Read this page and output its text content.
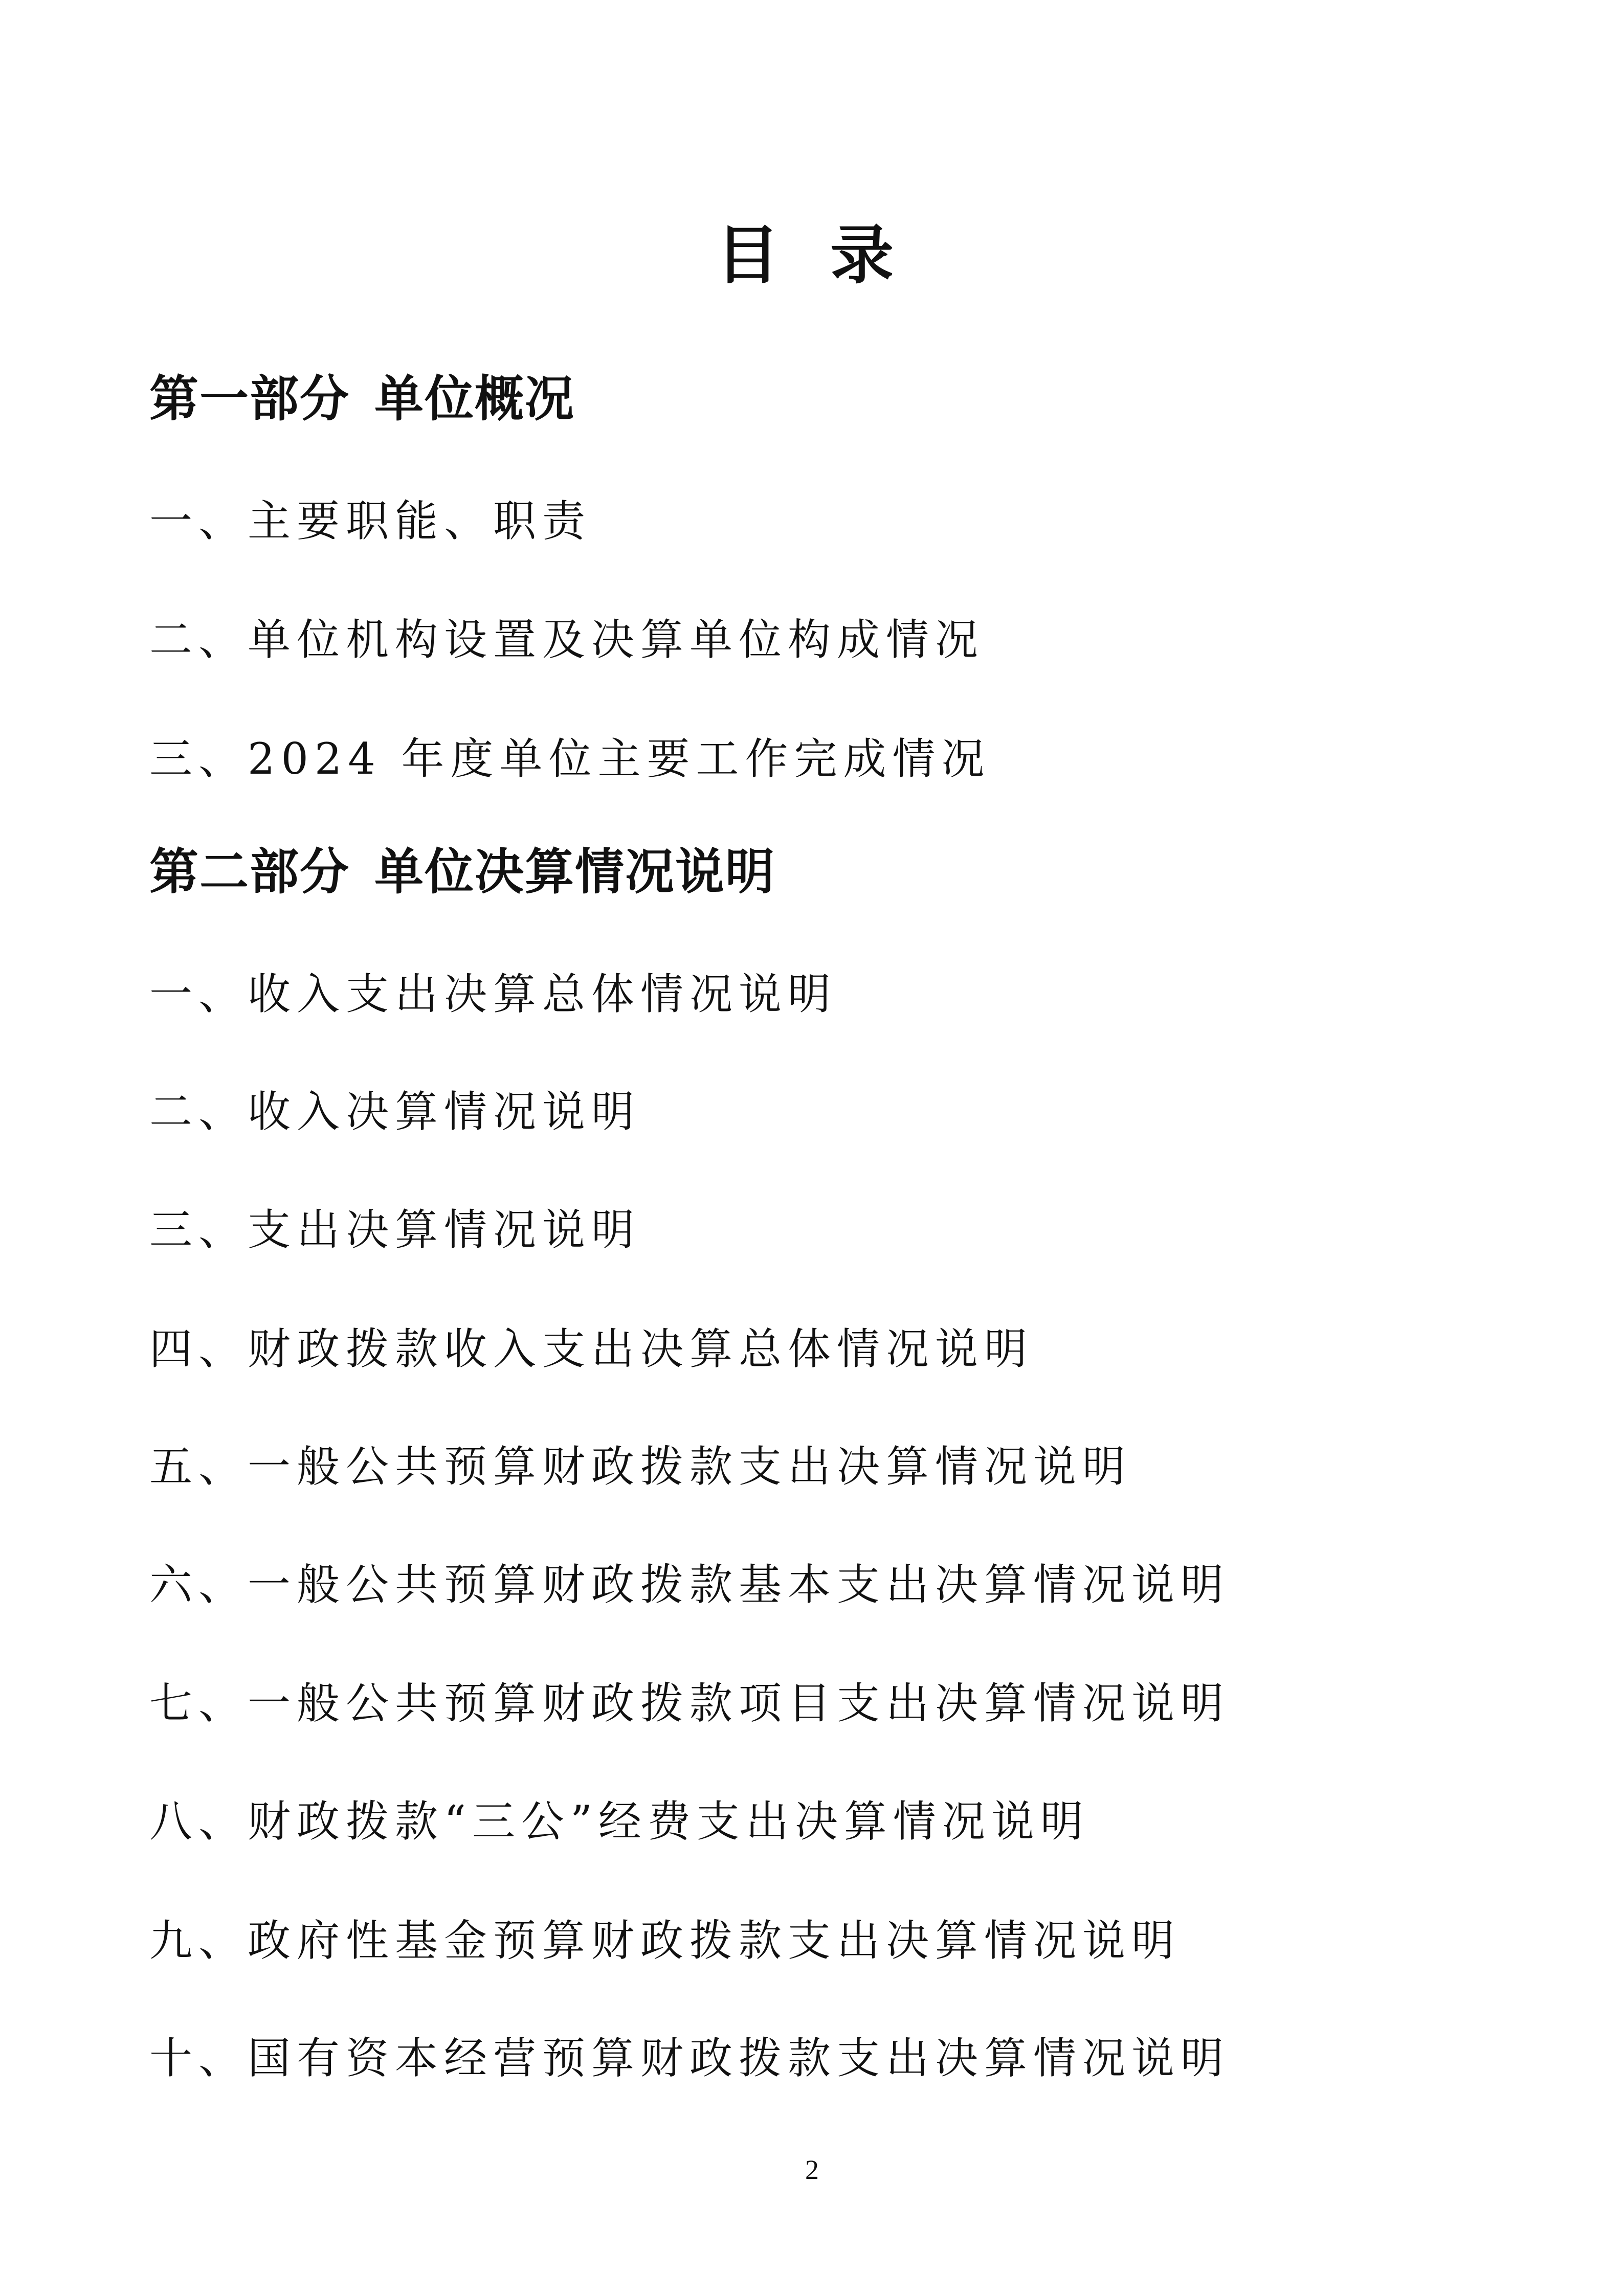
目 录
第一部分 单位概况
一、主要职能、职责
二、单位机构设置及决算单位构成情况
三、2024 年度单位主要工作完成情况
第二部分 单位决算情况说明
一、收入支出决算总体情况说明
二、收入决算情况说明
三、支出决算情况说明
四、财政拨款收入支出决算总体情况说明
五、一般公共预算财政拨款支出决算情况说明
六、一般公共预算财政拨款基本支出决算情况说明
七、一般公共预算财政拨款项目支出决算情况说明
八、财政拨款“三公”经费支出决算情况说明
九、政府性基金预算财政拨款支出决算情况说明
十、国有资本经营预算财政拨款支出决算情况说明
2
